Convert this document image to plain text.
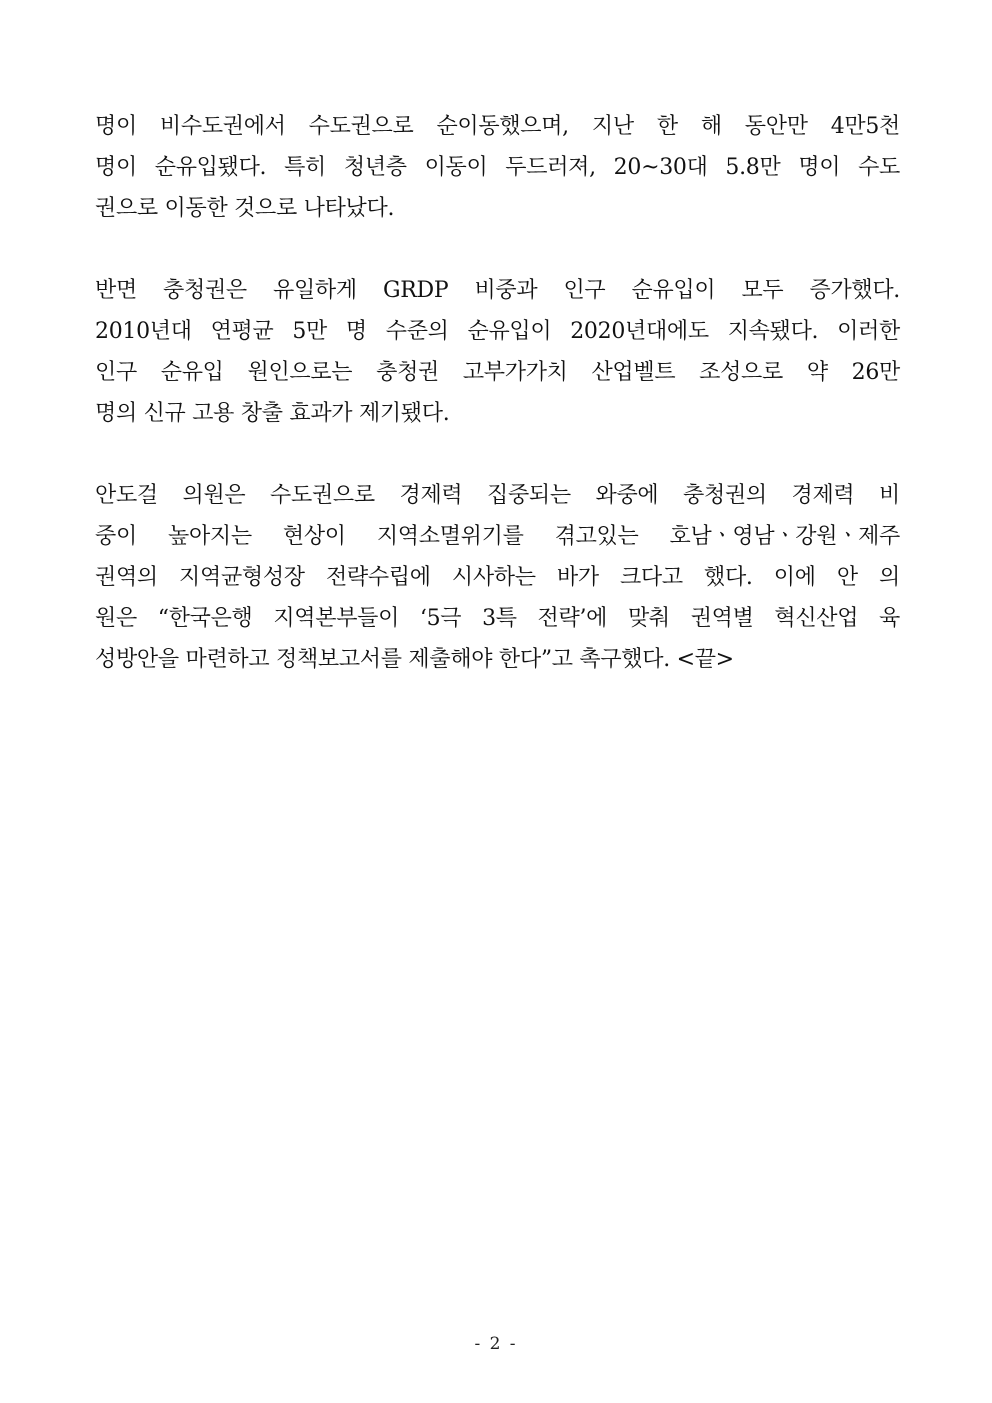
명이 비수도권에서 수도권으로 순이동했으며, 지난 한 해 동안만 4만5천
명이 순유입됐다. 특히 청년층 이동이 두드러져, 20~30대 5.8만 명이 수도
권으로 이동한 것으로 나타났다.

반면 충청권은 유일하게 GRDP 비중과 인구 순유입이 모두 증가했다.
2010년대 연평균 5만 명 수준의 순유입이 2020년대에도 지속됐다. 이러한
인구 순유입 원인으로는 충청권 고부가가치 산업벨트 조성으로 약 26만
명의 신규 고용 창출 효과가 제기됐다.

안도걸 의원은 수도권으로 경제력 집중되는 와중에 충청권의 경제력 비
중이 높아지는 현상이 지역소멸위기를 겪고있는 호남ㆍ영남ㆍ강원ㆍ제주
권역의 지역균형성장 전략수립에 시사하는 바가 크다고 했다. 이에 안 의
원은 “한국은행 지역본부들이 ‘5극 3특 전략’에 맞춰 권역별 혁신산업 육
성방안을 마련하고 정책보고서를 제출해야 한다”고 촉구했다. <끝>

- 2 -
